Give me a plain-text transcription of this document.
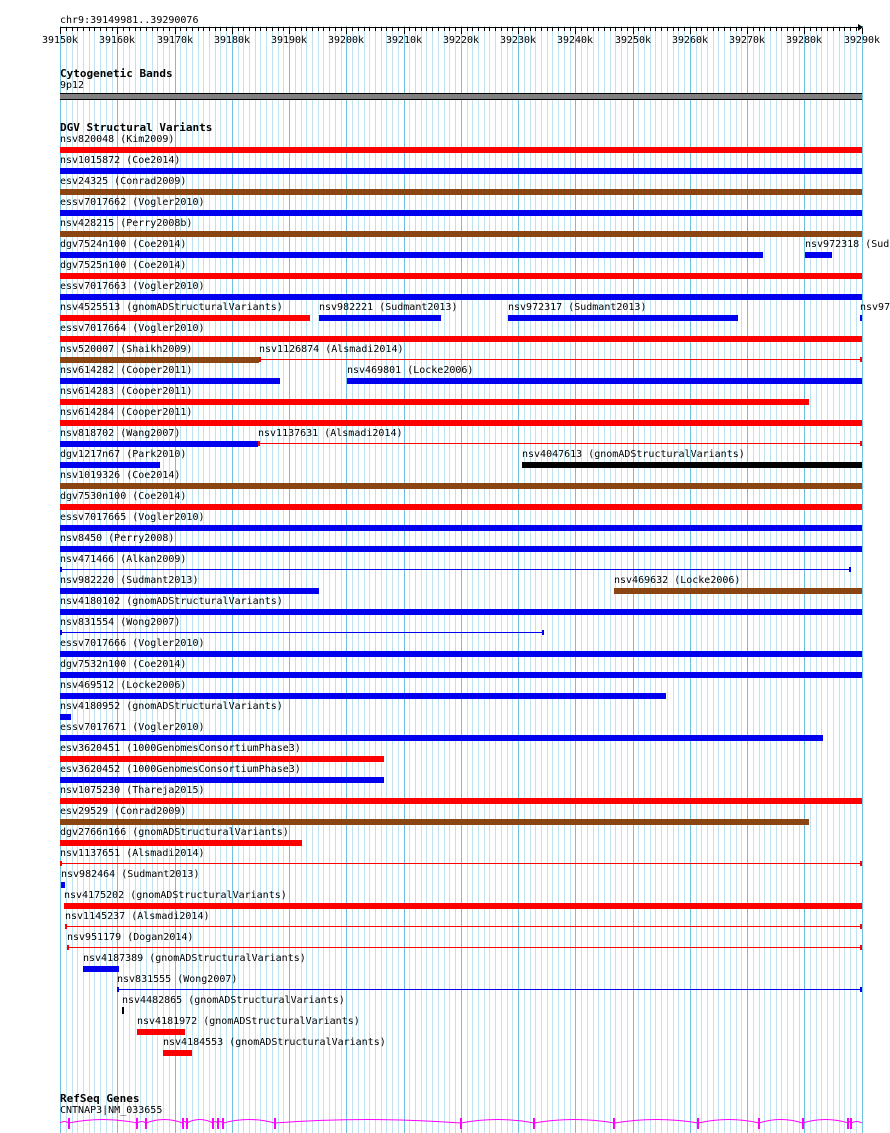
chr9:39149981..39290076
39150k 39160k 39170k 39180k 39190k 39200k 39210k 39220k 39230k 39240k 39250k 39260k 39270k 39280k 39290k
Cytogenetic Bands
9p12
DGV Structural Variants
nsv820048 (Kim2009)
nsv1015872 (Coe2014)
esv24325 (Conrad2009)
essv7017662 (Vogler2010)
nsv428215 (Perry2008b)
dgv7524n100 (Coe2014)	nsv972318 (Sud
dgv7525n100 (Coe2014)
essv7017663 (Vogler2010)
nsv4525513 (gnomADStructuralVariants)	nsv982221 (Sudmant2013)	nsv972317 (Sudmant2013)	nsv97
essv7017664 (Vogler2010)
nsv520007 (Shaikh2009)	nsv1126874 (Alsmadi2014)
nsv614282 (Cooper2011)	nsv469801 (Locke2006)
nsv614283 (Cooper2011)
nsv614284 (Cooper2011)
nsv818702 (Wang2007)	nsv1137631 (Alsmadi2014)
dgv1217n67 (Park2010)	nsv4047613 (gnomADStructuralVariants)
nsv1019326 (Coe2014)
dgv7530n100 (Coe2014)
essv7017665 (Vogler2010)
nsv8450 (Perry2008)
nsv471466 (Alkan2009)
nsv982220 (Sudmant2013)	nsv469632 (Locke2006)
nsv4180102 (gnomADStructuralVariants)
nsv831554 (Wong2007)
essv7017666 (Vogler2010)
dgv7532n100 (Coe2014)
nsv469512 (Locke2006)
nsv4180952 (gnomADStructuralVariants)
essv7017671 (Vogler2010)
esv3620451 (1000GenomesConsortiumPhase3)
esv3620452 (1000GenomesConsortiumPhase3)
nsv1075230 (Thareja2015)
esv29529 (Conrad2009)
dgv2766n166 (gnomADStructuralVariants)
nsv1137651 (Alsmadi2014)
nsv982464 (Sudmant2013)
nsv4175202 (gnomADStructuralVariants)
nsv1145237 (Alsmadi2014)
nsv951179 (Dogan2014)
nsv4187389 (gnomADStructuralVariants)
nsv831555 (Wong2007)
nsv4482865 (gnomADStructuralVariants)
nsv4181972 (gnomADStructuralVariants)
nsv4184553 (gnomADStructuralVariants)
RefSeq Genes
CNTNAP3|NM_033655
